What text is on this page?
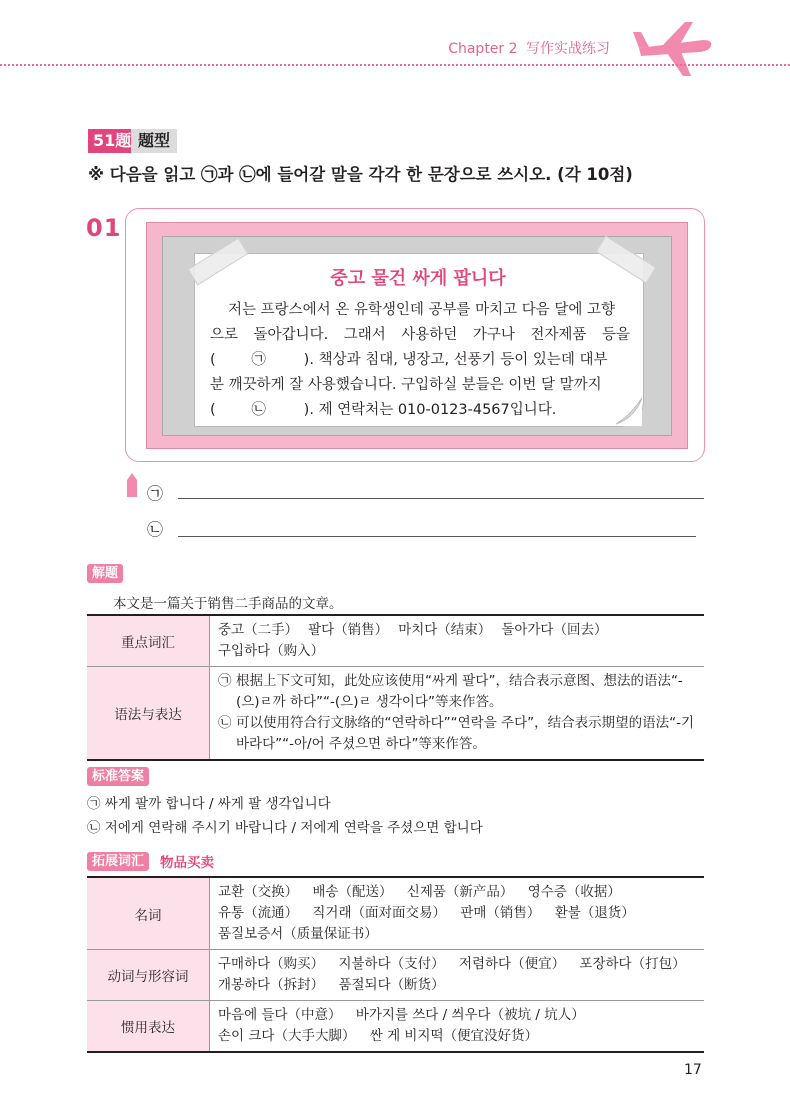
Chapter 2 写作实战练习
51题 题型
※ 다음을 읽고 ㉠과 ㉡에 들어갈 말을 각각 한 문장으로 쓰시오. (각 10점)
01
중고 물건 싸게 팝니다
저는 프랑스에서 온 유학생인데 공부를 마치고 다음 달에 고향
으로 돌아갑니다. 그래서 사용하던 가구나 전자제품 등을
( ㉠	). 책상과 침대, 냉장고, 선풍기 등이 있는데 대부
분 깨끗하게 잘 사용했습니다. 구입하실 분들은 이번 달 말까지
( ㉡	). 제 연락처는 010-0123-4567입니다.
㉠
㉡
解题
本文是一篇关于销售二手商品的文章。
重点词汇	중고（二手） 팔다（销售） 마치다（结束） 돌아가다（回去）구입하다（购入）
语法与表达	㉠ 根据上下文可知，此处应该使用“싸게 팔다”，结合表示意图、想法的语法“-(으)ㄹ까 하다”“-(으)ㄹ 생각이다”等来作答。
㉡ 可以使用符合行文脉络的“연락하다”“연락을 주다”，结合表示期望的语法“-기 바라다”“-아/어 주셨으면 하다”等来作答。
标准答案
㉠ 싸게 팔까 합니다 / 싸게 팔 생각입니다
㉡ 저에게 연락해 주시기 바랍니다 / 저에게 연락을 주셨으면 합니다
拓展词汇	物品买卖
名词	교환（交换） 배송（配送） 신제품（新产品） 영수증（收据） 유통（流通） 직거래（面对面交易） 판매（销售） 환불（退货） 품질보증서（质量保证书）
动词与形容词	구매하다（购买） 지불하다（支付） 저렴하다（便宜） 포장하다（打包） 개봉하다（拆封） 품절되다（断货）
惯用表达	마음에 들다（中意） 바가지를 쓰다 / 씌우다（被坑 / 坑人） 손이 크다（大手大脚） 싼 게 비지떡（便宜没好货）
17
